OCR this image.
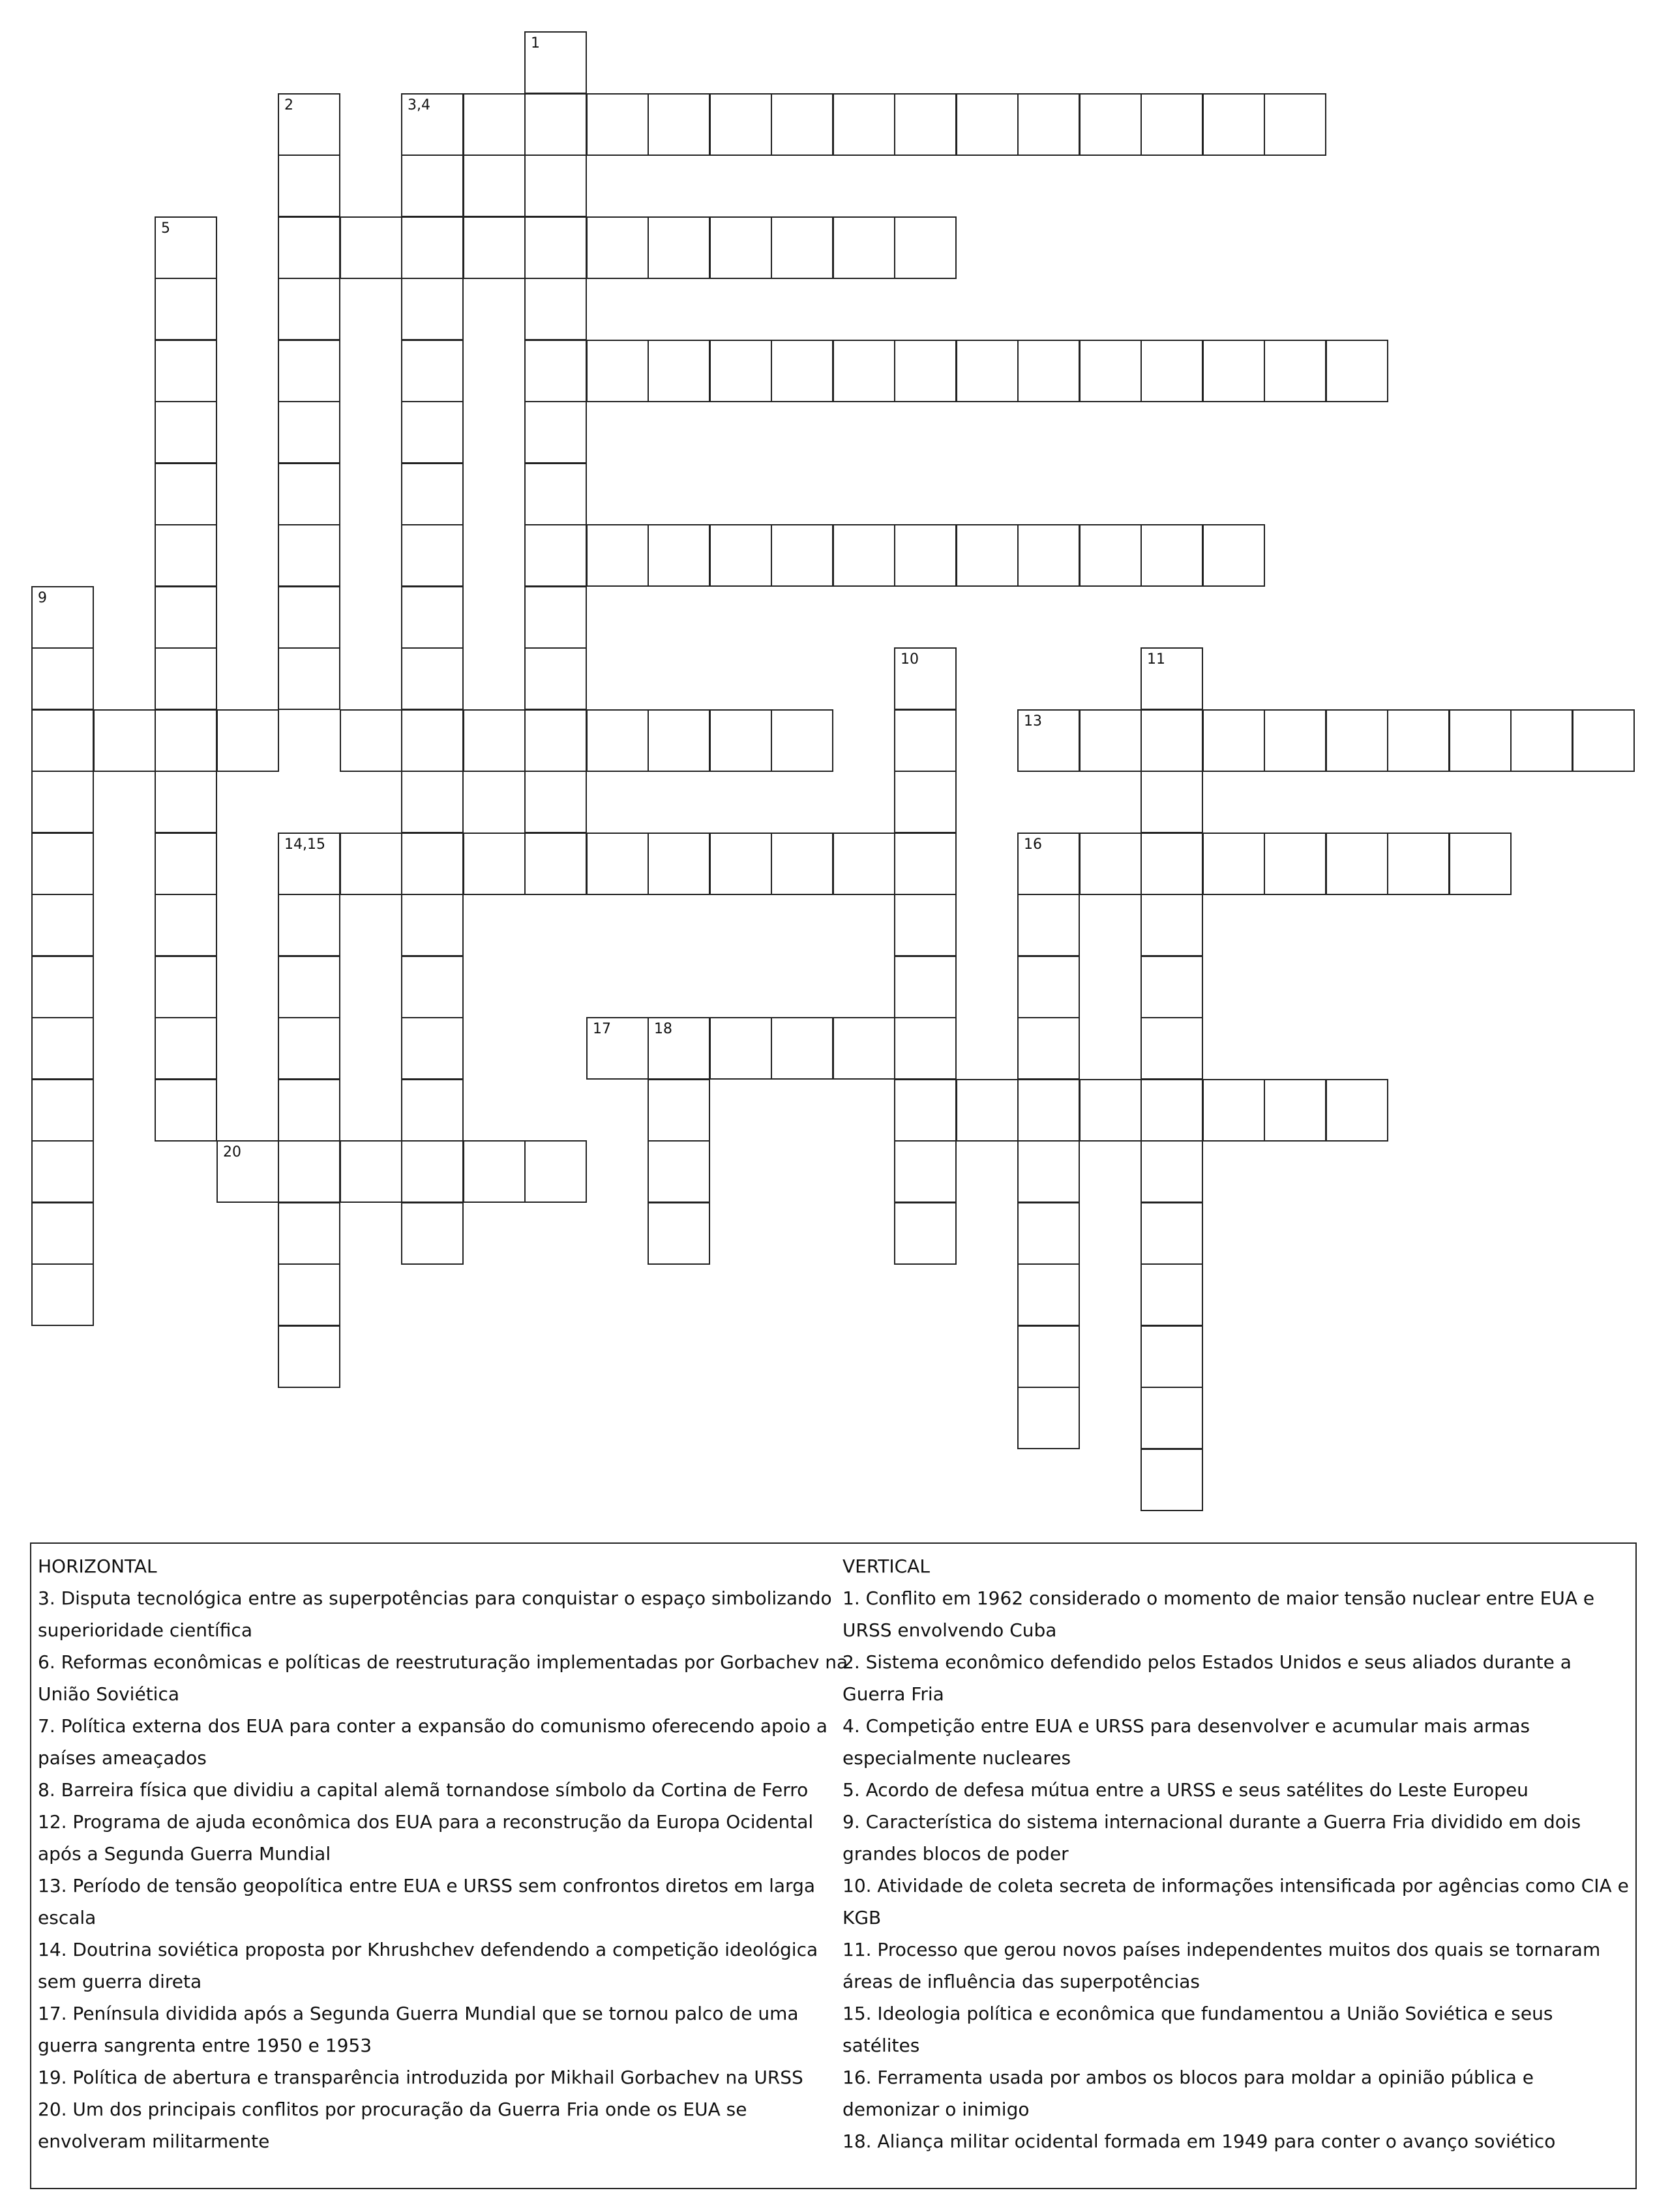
1
2	3,4
5
9
10	11
13
14,15	16
17	18
20
HORIZONTAL
3. Disputa tecnológica entre as superpotências para conquistar o espaço simbolizando superioridade científica
6. Reformas econômicas e políticas de reestruturação implementadas por Gorbachev na União Soviética
7. Política externa dos EUA para conter a expansão do comunismo oferecendo apoio a países ameaçados
8. Barreira física que dividiu a capital alemã tornandose símbolo da Cortina de Ferro
12. Programa de ajuda econômica dos EUA para a reconstrução da Europa Ocidental após a Segunda Guerra Mundial
13. Período de tensão geopolítica entre EUA e URSS sem confrontos diretos em larga escala
14. Doutrina soviética proposta por Khrushchev defendendo a competição ideológica sem guerra direta
17. Península dividida após a Segunda Guerra Mundial que se tornou palco de uma guerra sangrenta entre 1950 e 1953
19. Política de abertura e transparência introduzida por Mikhail Gorbachev na URSS
20. Um dos principais conflitos por procuração da Guerra Fria onde os EUA se envolveram militarmente
VERTICAL
1. Conflito em 1962 considerado o momento de maior tensão nuclear entre EUA e URSS envolvendo Cuba
2. Sistema econômico defendido pelos Estados Unidos e seus aliados durante a Guerra Fria
4. Competição entre EUA e URSS para desenvolver e acumular mais armas especialmente nucleares
5. Acordo de defesa mútua entre a URSS e seus satélites do Leste Europeu
9. Característica do sistema internacional durante a Guerra Fria dividido em dois grandes blocos de poder
10. Atividade de coleta secreta de informações intensificada por agências como CIA e KGB
11. Processo que gerou novos países independentes muitos dos quais se tornaram áreas de influência das superpotências
15. Ideologia política e econômica que fundamentou a União Soviética e seus satélites
16. Ferramenta usada por ambos os blocos para moldar a opinião pública e demonizar o inimigo
18. Aliança militar ocidental formada em 1949 para conter o avanço soviético
